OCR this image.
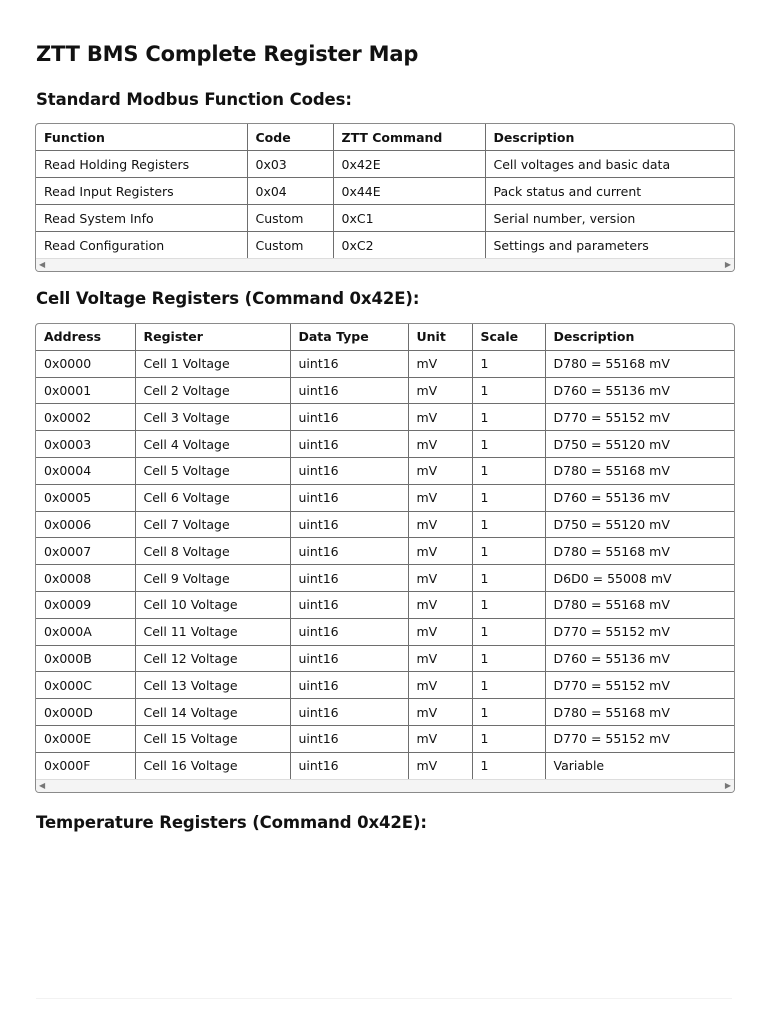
ZTT BMS Complete Register Map
Standard Modbus Function Codes:
Function	Code	ZTT Command	Description
Read Holding Registers	0x03	0x42E	Cell voltages and basic data
Read Input Registers	0x04	0x44E	Pack status and current
Read System Info	Custom	0xC1	Serial number, version
Read Configuration	Custom	0xC2	Settings and parameters
◀	▶
Cell Voltage Registers (Command 0x42E):
Address	Register	Data Type	Unit	Scale	Description
0x0000	Cell 1 Voltage	uint16	mV	1	D780 = 55168 mV
0x0001	Cell 2 Voltage	uint16	mV	1	D760 = 55136 mV
0x0002	Cell 3 Voltage	uint16	mV	1	D770 = 55152 mV
0x0003	Cell 4 Voltage	uint16	mV	1	D750 = 55120 mV
0x0004	Cell 5 Voltage	uint16	mV	1	D780 = 55168 mV
0x0005	Cell 6 Voltage	uint16	mV	1	D760 = 55136 mV
0x0006	Cell 7 Voltage	uint16	mV	1	D750 = 55120 mV
0x0007	Cell 8 Voltage	uint16	mV	1	D780 = 55168 mV
0x0008	Cell 9 Voltage	uint16	mV	1	D6D0 = 55008 mV
0x0009	Cell 10 Voltage	uint16	mV	1	D780 = 55168 mV
0x000A	Cell 11 Voltage	uint16	mV	1	D770 = 55152 mV
0x000B	Cell 12 Voltage	uint16	mV	1	D760 = 55136 mV
0x000C	Cell 13 Voltage	uint16	mV	1	D770 = 55152 mV
0x000D	Cell 14 Voltage	uint16	mV	1	D780 = 55168 mV
0x000E	Cell 15 Voltage	uint16	mV	1	D770 = 55152 mV
0x000F	Cell 16 Voltage	uint16	mV	1	Variable
◀	▶
Temperature Registers (Command 0x42E):
